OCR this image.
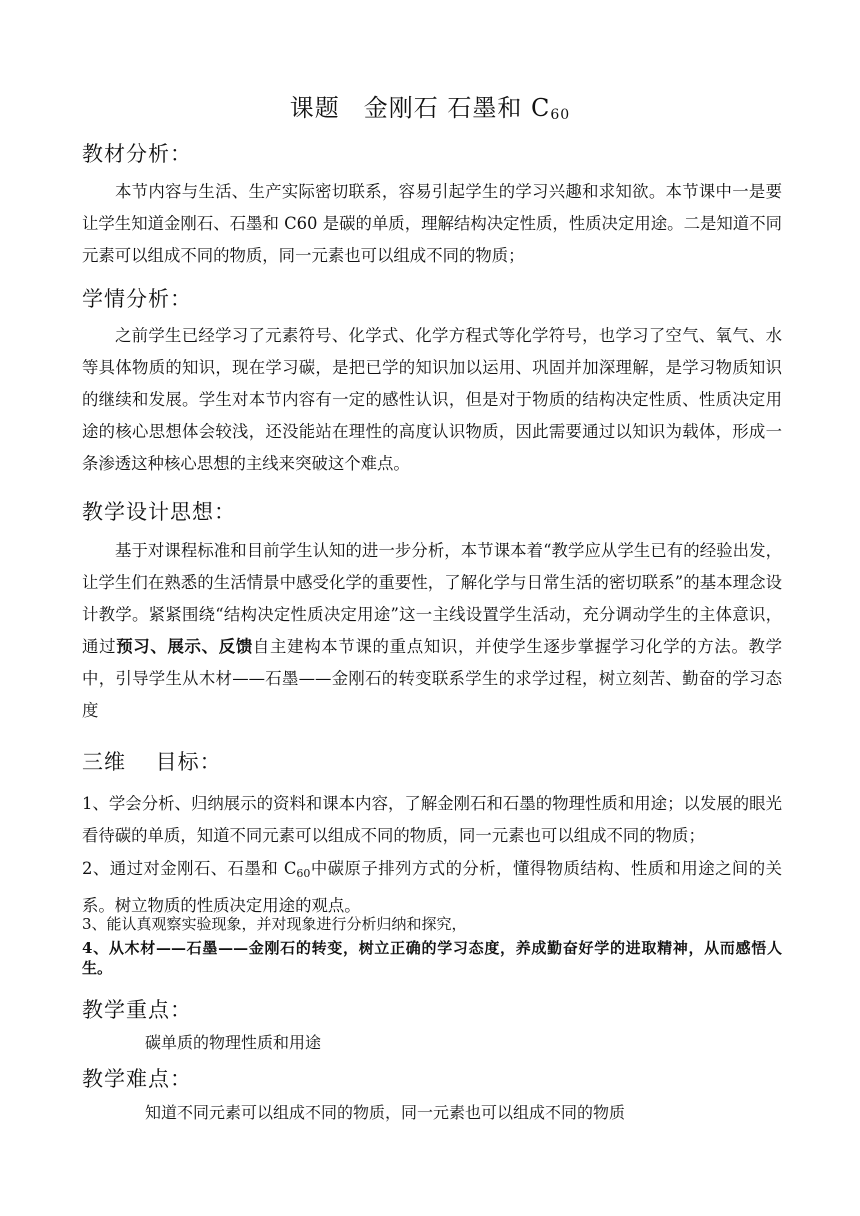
课题 金刚石 石墨和 $C_{60}$
教材分析：
本节内容与生活、生产实际密切联系，容易引起学生的学习兴趣和求知欲。本节课中一是要让学生知道金刚石、石墨和 C60 是碳的单质，理解结构决定性质，性质决定用途。二是知道不同元素可以组成不同的物质，同一元素也可以组成不同的物质；
学情分析：
之前学生已经学习了元素符号、化学式、化学方程式等化学符号，也学习了空气、氧气、水等具体物质的知识，现在学习碳，是把已学的知识加以运用、巩固并加深理解，是学习物质知识的继续和发展。学生对本节内容有一定的感性认识，但是对于物质的结构决定性质、性质决定用途的核心思想体会较浅，还没能站在理性的高度认识物质，因此需要通过以知识为载体，形成一条渗透这种核心思想的主线来突破这个难点。
教学设计思想：
基于对课程标准和目前学生认知的进一步分析，本节课本着“教学应从学生已有的经验出发，让学生们在熟悉的生活情景中感受化学的重要性，了解化学与日常生活的密切联系”的基本理念设计教学。紧紧围绕“结构决定性质决定用途”这一主线设置学生活动，充分调动学生的主体意识，通过预习、展示、反馈自主建构本节课的重点知识，并使学生逐步掌握学习化学的方法。教学中，引导学生从木材——石墨——金刚石的转变联系学生的求学过程，树立刻苦、勤奋的学习态度
三维　 目标：
1、学会分析、归纳展示的资料和课本内容，了解金刚石和石墨的物理性质和用途；以发展的眼光看待碳的单质，知道不同元素可以组成不同的物质，同一元素也可以组成不同的物质；
2、通过对金刚石、石墨和 $C_{60}$中碳原子排列方式的分析，懂得物质结构、性质和用途之间的关系。树立物质的性质决定用途的观点。
3、能认真观察实验现象，并对现象进行分析归纳和探究，
4、从木材——石墨——金刚石的转变，树立正确的学习态度，养成勤奋好学的进取精神，从而感悟人生。
教学重点：
碳单质的物理性质和用途
教学难点：
知道不同元素可以组成不同的物质，同一元素也可以组成不同的物质
